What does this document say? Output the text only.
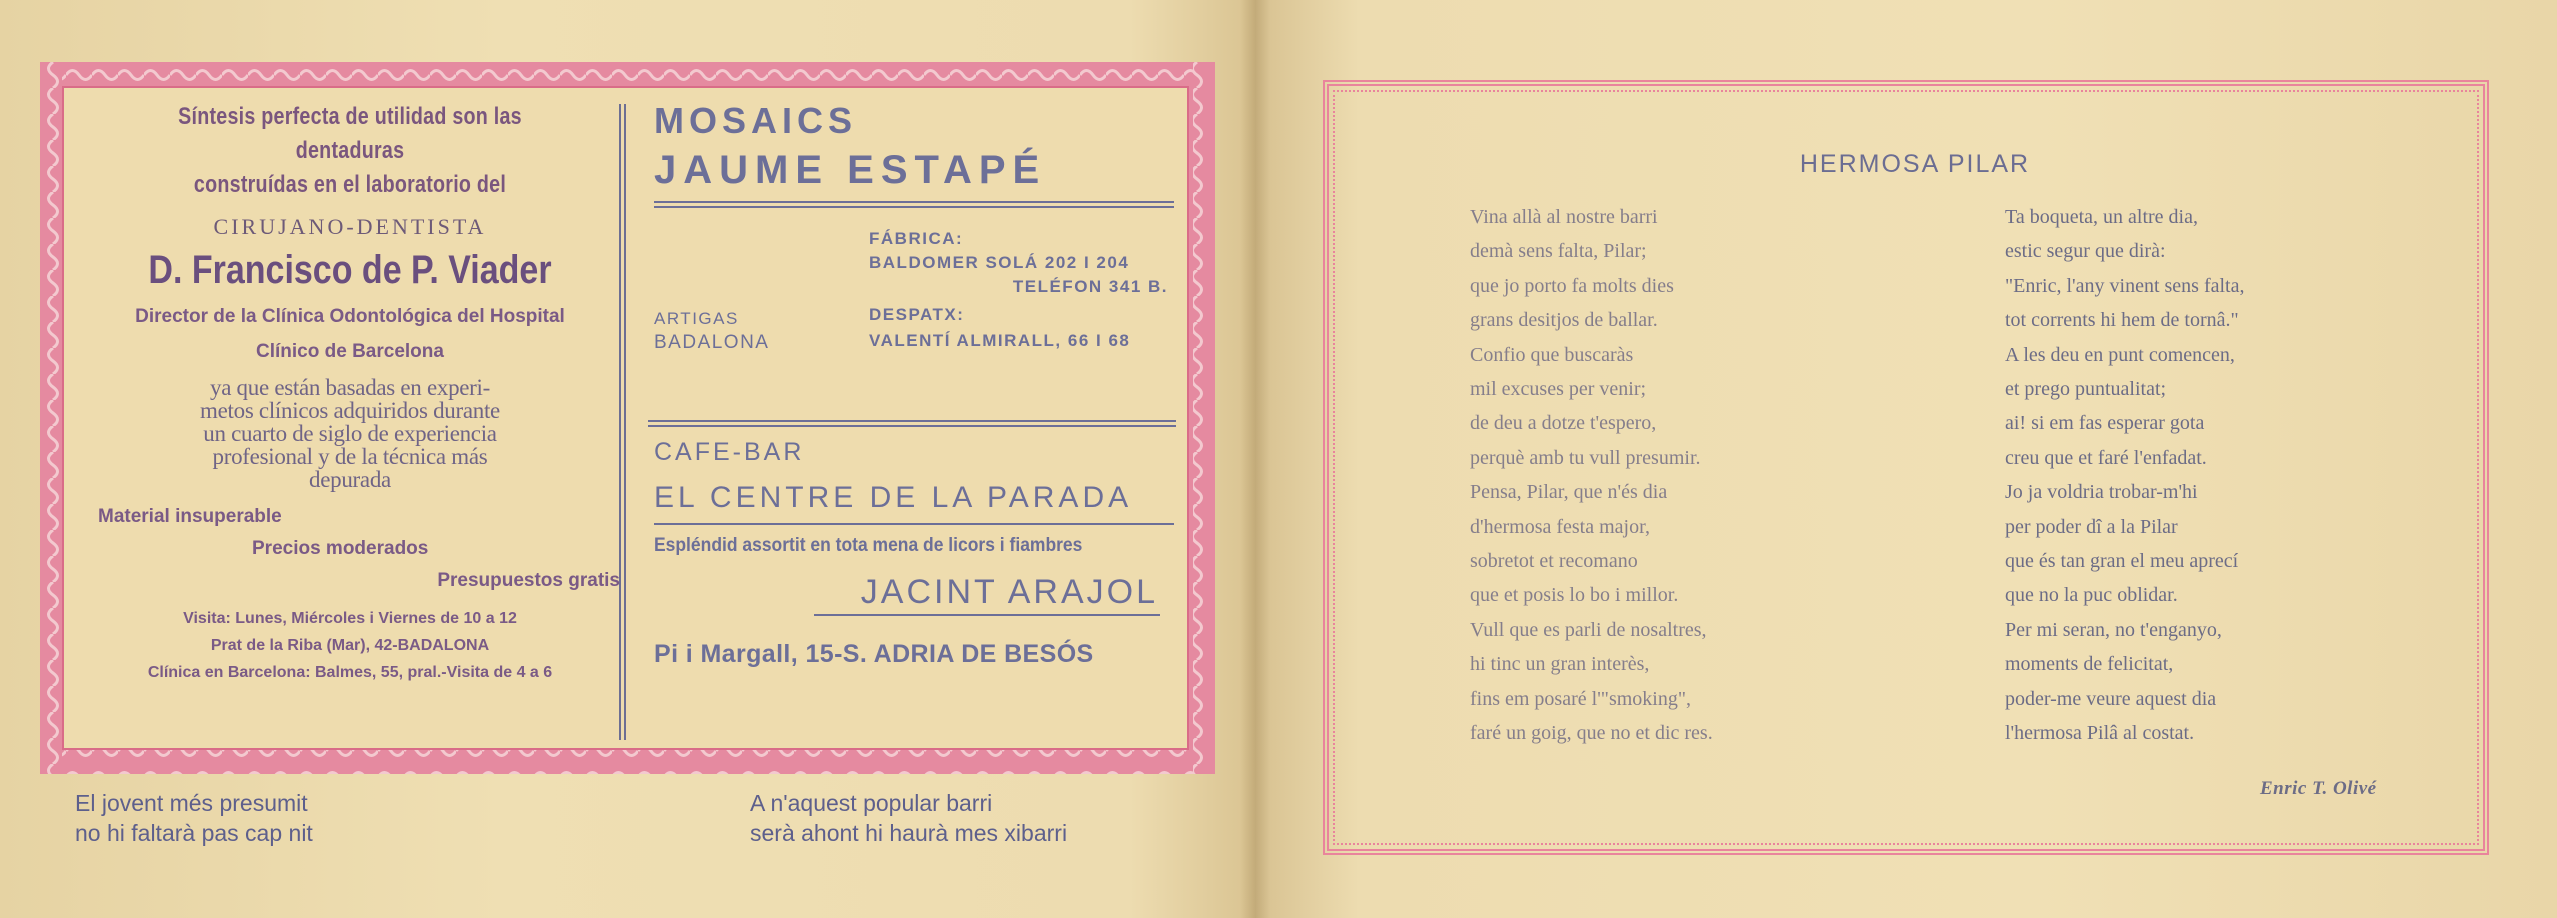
Síntesis perfecta de utilidad son las dentaduras
construídas en el laboratorio del
CIRUJANO-DENTISTA
D. Francisco de P. Viader
Director de la Clínica Odontológica del Hospital
Clínico de Barcelona
ya que están basadas en experi-
metos clínicos adquiridos durante
un cuarto de siglo de experiencia
profesional y de la técnica más
depurada
Material insuperable
Precios moderados
Presupuestos gratis
Visita: Lunes, Miércoles i Viernes de 10 a 12
Prat de la Riba (Mar), 42-BADALONA
Clínica en Barcelona: Balmes, 55, pral.-Visita de 4 a 6
MOSAICS
JAUME ESTAPÉ
FÁBRICA:
BALDOMER SOLÁ 202 I 204
TELÉFON 341 B.
ARTIGAS	DESPATX:
BADALONA	VALENTÍ ALMIRALL, 66 I 68
CAFE-BAR
EL CENTRE DE LA PARADA
Espléndid assortit en tota mena de licors i fiambres
JACINT ARAJOL
Pi i Margall, 15-S. ADRIA DE BESÓS
El jovent més presumit
no hi faltarà pas cap nit
A n'aquest popular barri
serà ahont hi haurà mes xibarri
HERMOSA PILAR
Vina allà al nostre barri
demà sens falta, Pilar;
que jo porto fa molts dies
grans desitjos de ballar.
Confio que buscaràs
mil excuses per venir;
de deu a dotze t'espero,
perquè amb tu vull presumir.
Pensa, Pilar, que n'és dia
d'hermosa festa major,
sobretot et recomano
que et posis lo bo i millor.
Vull que es parli de nosaltres,
hi tinc un gran interès,
fins em posaré l'"smoking",
faré un goig, que no et dic res.
Ta boqueta, un altre dia,
estic segur que dirà:
"Enric, l'any vinent sens falta,
tot corrents hi hem de tornâ."
A les deu en punt comencen,
et prego puntualitat;
ai! si em fas esperar gota
creu que et faré l'enfadat.
Jo ja voldria trobar-m'hi
per poder dî a la Pilar
que és tan gran el meu aprecí
que no la puc oblidar.
Per mi seran, no t'enganyo,
moments de felicitat,
poder-me veure aquest dia
l'hermosa Pilâ al costat.
Enric T. Olivé
